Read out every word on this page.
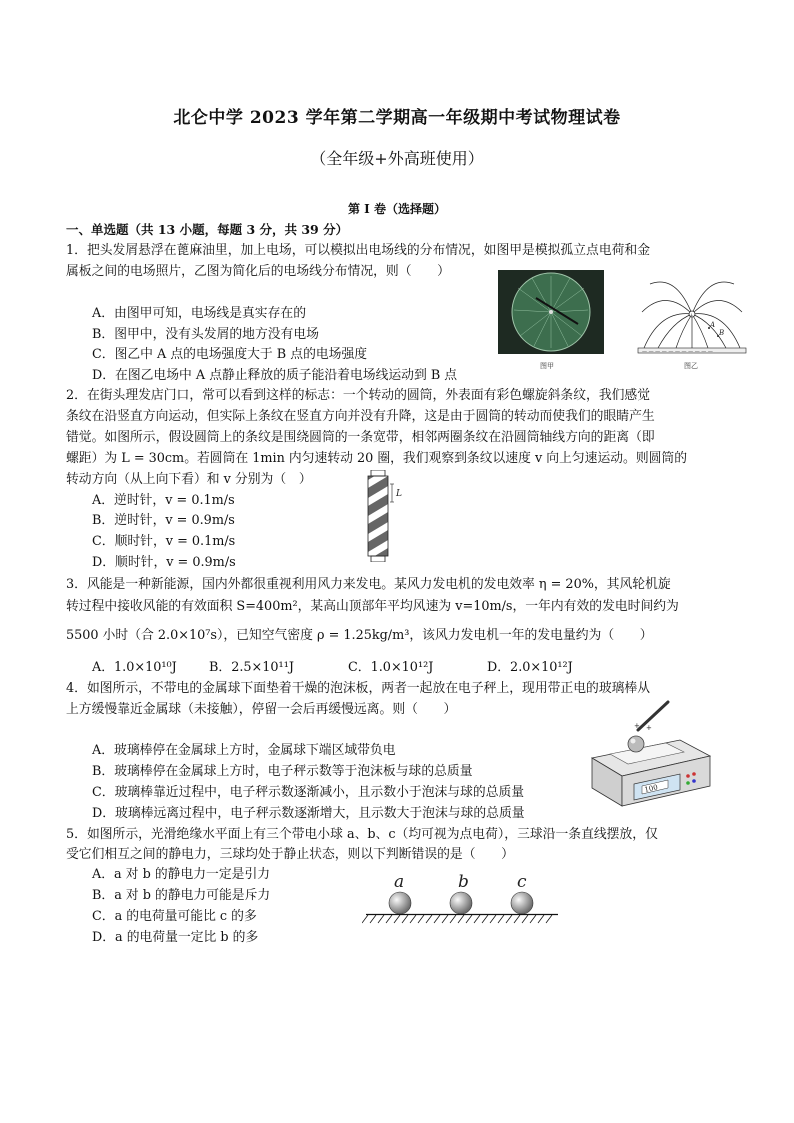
北仑中学 2023 学年第二学期高一年级期中考试物理试卷
（全年级+外高班使用）
第 I 卷（选择题）
一、单选题（共 13 小题，每题 3 分，共 39 分）
1．把头发屑悬浮在蓖麻油里，加上电场，可以模拟出电场线的分布情况，如图甲是模拟孤立点电荷和金
属板之间的电场照片，乙图为简化后的电场线分布情况，则（　　）
A．由图甲可知，电场线是真实存在的
B．图甲中，没有头发屑的地方没有电场
C．图乙中 A 点的电场强度大于 B 点的电场强度
D．在图乙电场中 A 点静止释放的质子能沿着电场线运动到 B 点
图甲
+
A
B
— — — — — — — — — — —
图乙
2．在街头理发店门口，常可以看到这样的标志：一个转动的圆筒，外表面有彩色螺旋斜条纹，我们感觉
条纹在沿竖直方向运动，但实际上条纹在竖直方向并没有升降，这是由于圆筒的转动而使我们的眼睛产生
错觉。如图所示，假设圆筒上的条纹是围绕圆筒的一条宽带，相邻两圈条纹在沿圆筒轴线方向的距离（即
螺距）为 L = 30cm。若圆筒在 1min 内匀速转动 20 圈，我们观察到条纹以速度 v 向上匀速运动。则圆筒的
转动方向（从上向下看）和 v 分别为（　）
A．逆时针，v = 0.1m/s
B．逆时针，v = 0.9m/s
C．顺时针，v = 0.1m/s
D．顺时针，v = 0.9m/s
L
3．风能是一种新能源，国内外都很重视利用风力来发电。某风力发电机的发电效率 η = 20%，其风轮机旋
转过程中接收风能的有效面积 S=400m²，某高山顶部年平均风速为 v=10m/s，一年内有效的发电时间约为
5500 小时（合 2.0×10⁷s），已知空气密度 ρ = 1.25kg/m³，该风力发电机一年的发电量约为（　　）
A．1.0×10¹⁰J	B．2.5×10¹¹J	C．1.0×10¹²J	D．2.0×10¹²J
4．如图所示，不带电的金属球下面垫着干燥的泡沫板，两者一起放在电子秤上，现用带正电的玻璃棒从
上方缓慢靠近金属球（未接触），停留一会后再缓慢远离。则（　　）
A．玻璃棒停在金属球上方时，金属球下端区域带负电
B．玻璃棒停在金属球上方时，电子秤示数等于泡沫板与球的总质量
C．玻璃棒靠近过程中，电子秤示数逐渐减小，且示数小于泡沫与球的总质量
D．玻璃棒远离过程中，电子秤示数逐渐增大，且示数大于泡沫与球的总质量
+ +
100
5．如图所示，光滑绝缘水平面上有三个带电小球 a、b、c（均可视为点电荷），三球沿一条直线摆放，仅
受它们相互之间的静电力，三球均处于静止状态，则以下判断错误的是（　　）
A．a 对 b 的静电力一定是引力
B．a 对 b 的静电力可能是斥力
C．a 的电荷量可能比 c 的多
D．a 的电荷量一定比 b 的多
a	b	c
